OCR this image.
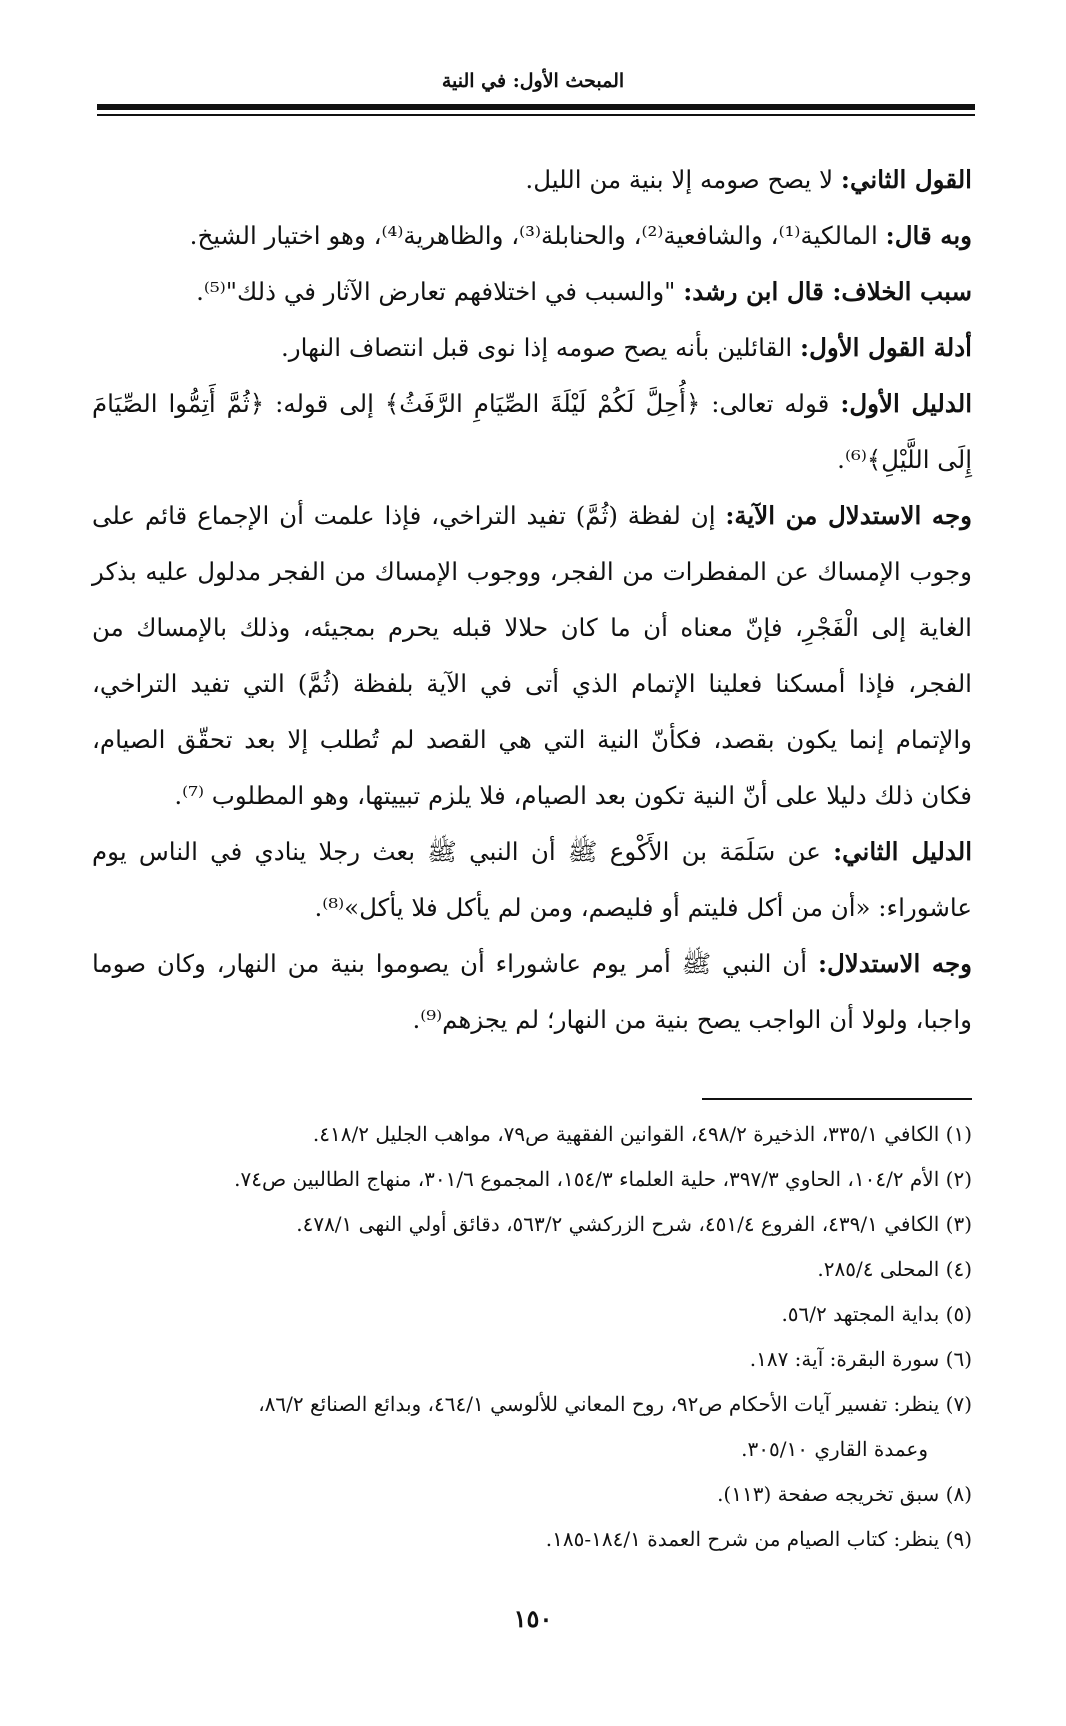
المبحث الأول: في النية

القول الثاني: لا يصح صومه إلا بنية من الليل.

وبه قال: المالكية⁽¹⁾، والشافعية⁽²⁾، والحنابلة⁽³⁾، والظاهرية⁽⁴⁾، وهو اختيار الشيخ.

سبب الخلاف: قال ابن رشد: "والسبب في اختلافهم تعارض الآثار في ذلك"⁽⁵⁾.

أدلة القول الأول: القائلين بأنه يصح صومه إذا نوى قبل انتصاف النهار.

الدليل الأول: قوله تعالى: ﴿أُحِلَّ لَكُمْ لَيْلَةَ الصِّيَامِ الرَّفَثُ﴾ إلى قوله: ﴿ثُمَّ أَتِمُّوا الصِّيَامَ إِلَى اللَّيْلِ﴾⁽⁶⁾.

وجه الاستدلال من الآية: إن لفظة (ثُمَّ) تفيد التراخي، فإذا علمت أن الإجماع قائم على وجوب الإمساك عن المفطرات من الفجر، ووجوب الإمساك من الفجر مدلول عليه بذكر الغاية إلى الْفَجْرِ، فإنّ معناه أن ما كان حلالا قبله يحرم بمجيئه، وذلك بالإمساك من الفجر، فإذا أمسكنا فعلينا الإتمام الذي أتى في الآية بلفظة (ثُمَّ) التي تفيد التراخي، والإتمام إنما يكون بقصد، فكأنّ النية التي هي القصد لم تُطلب إلا بعد تحقّق الصيام، فكان ذلك دليلا على أنّ النية تكون بعد الصيام، فلا يلزم تبييتها، وهو المطلوب ⁽⁷⁾.

الدليل الثاني: عن سَلَمَة بن الأَكْوع ﷺ أن النبي ﷺ بعث رجلا ينادي في الناس يوم عاشوراء: «أن من أكل فليتم أو فليصم، ومن لم يأكل فلا يأكل»⁽⁸⁾.

وجه الاستدلال: أن النبي ﷺ أمر يوم عاشوراء أن يصوموا بنية من النهار، وكان صوما واجبا، ولولا أن الواجب يصح بنية من النهار؛ لم يجزهم⁽⁹⁾.

(١) الكافي ٣٣٥/١، الذخيرة ٤٩٨/٢، القوانين الفقهية ص٧٩، مواهب الجليل ٤١٨/٢.

(٢) الأم ١٠٤/٢، الحاوي ٣٩٧/٣، حلية العلماء ١٥٤/٣، المجموع ٣٠١/٦، منهاج الطالبين ص٧٤.

(٣) الكافي ٤٣٩/١، الفروع ٤٥١/٤، شرح الزركشي ٥٦٣/٢، دقائق أولي النهى ٤٧٨/١.

(٤) المحلى ٢٨٥/٤.

(٥) بداية المجتهد ٥٦/٢.

(٦) سورة البقرة: آية: ١٨٧.

(٧) ينظر: تفسير آيات الأحكام ص٩٢، روح المعاني للألوسي ٤٦٤/١، وبدائع الصنائع ٨٦/٢،

وعمدة القاري ٣٠٥/١٠.

(٨) سبق تخريجه صفحة (١١٣).

(٩) ينظر: كتاب الصيام من شرح العمدة ١٨٤/١-١٨٥.

١٥٠
